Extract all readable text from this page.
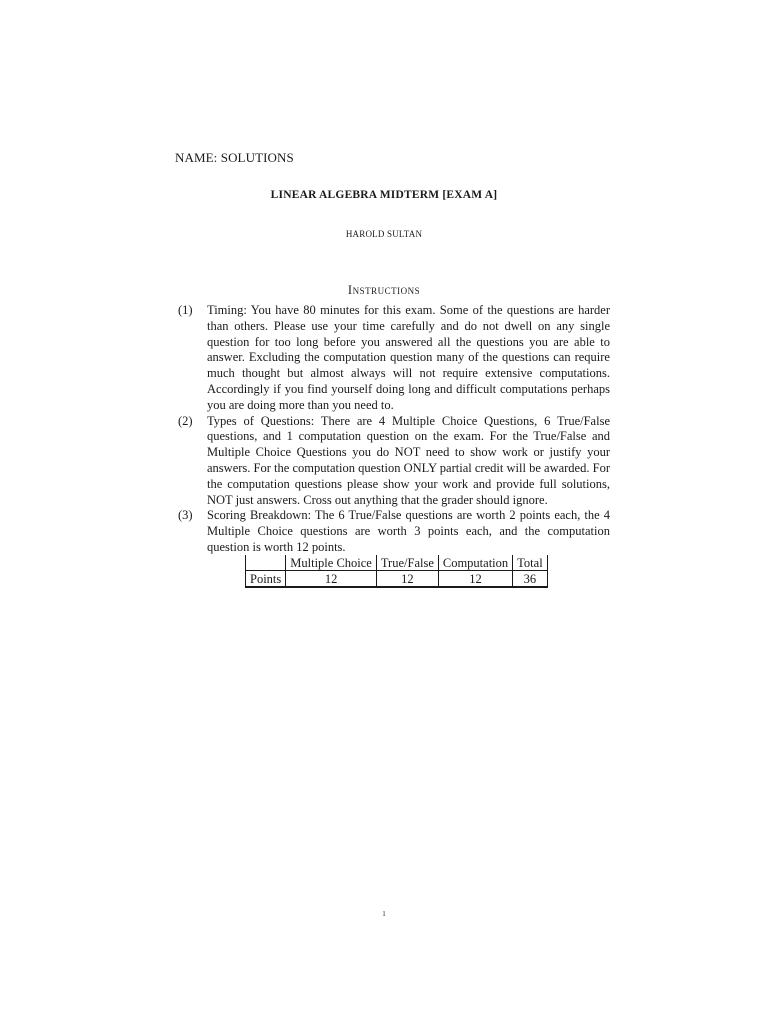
NAME: SOLUTIONS
LINEAR ALGEBRA MIDTERM [EXAM A]
HAROLD SULTAN
Instructions
(1) Timing: You have 80 minutes for this exam. Some of the questions are harder than others. Please use your time carefully and do not dwell on any single question for too long before you answered all the questions you are able to answer. Excluding the computation question many of the questions can require much thought but almost always will not require extensive computations. Accordingly if you find yourself doing long and difficult computations perhaps you are doing more than you need to.
(2) Types of Questions: There are 4 Multiple Choice Questions, 6 True/False questions, and 1 computation question on the exam. For the True/False and Multiple Choice Questions you do NOT need to show work or justify your answers. For the computation question ONLY partial credit will be awarded. For the computation questions please show your work and provide full solutions, NOT just answers. Cross out anything that the grader should ignore.
(3) Scoring Breakdown: The 6 True/False questions are worth 2 points each, the 4 Multiple Choice questions are worth 3 points each, and the computation question is worth 12 points.
	Multiple Choice	True/False	Computation	Total
Points	12	12	12	36
1
